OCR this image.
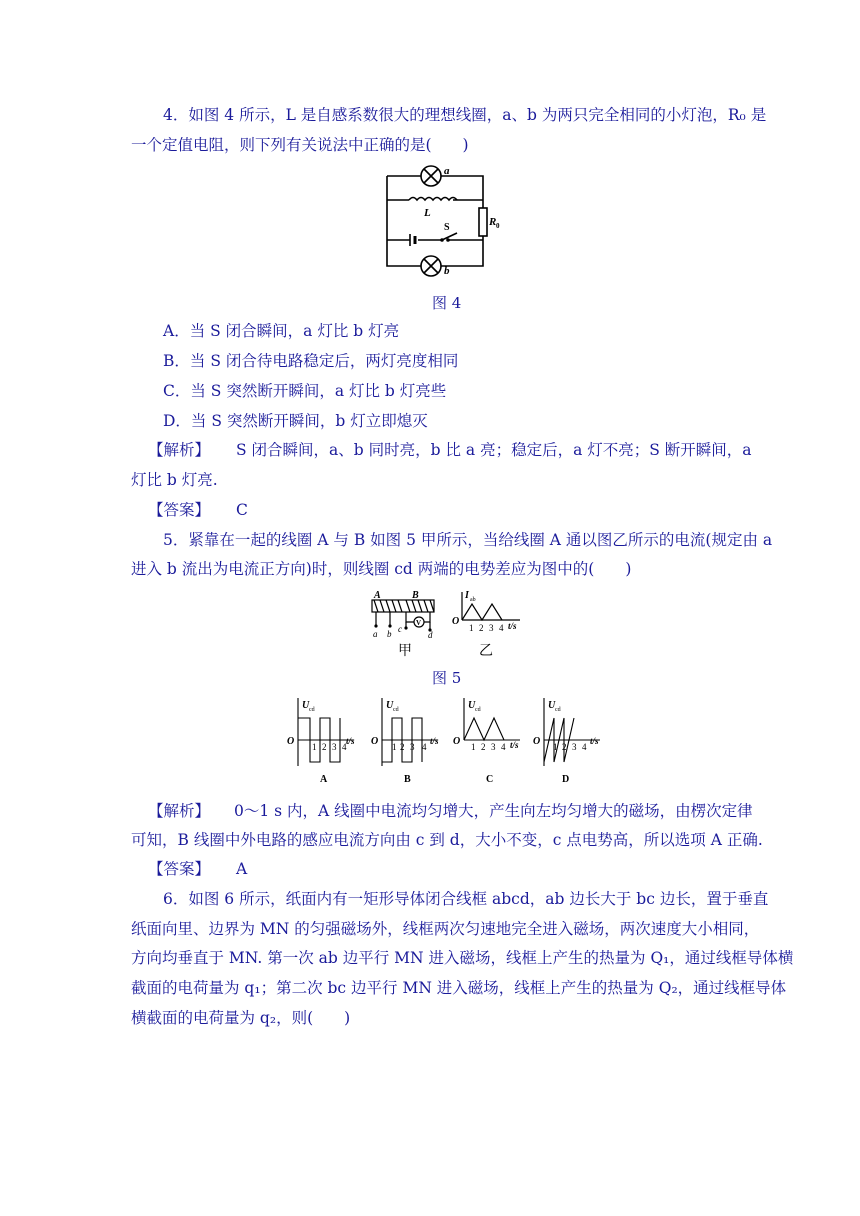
4．如图 4 所示，L 是自感系数很大的理想线圈，a、b 为两只完全相同的小灯泡，R₀ 是
一个定值电阻，则下列有关说法中正确的是(　　)
a
b
L
S	R 0
图 4
A．当 S 闭合瞬间，a 灯比 b 灯亮
B．当 S 闭合待电路稳定后，两灯亮度相同
C．当 S 突然断开瞬间，a 灯比 b 灯亮些
D．当 S 突然断开瞬间，b 灯立即熄灭
【解析】 S 闭合瞬间，a、b 同时亮，b 比 a 亮；稳定后，a 灯不亮；S 断开瞬间，a
灯比 b 灯亮.
【答案】 C
5．紧靠在一起的线圈 A 与 B 如图 5 甲所示，当给线圈 A 通以图乙所示的电流(规定由 a
进入 b 流出为电流正方向)时，则线圈 cd 两端的电势差应为图中的(　　)
A	B
V
a b c
d
I ab
O
1 2 3 4 t/s
甲	乙
图 5
U cd
O 1 2 3 4
t/s
A
U cd
O 1 2 3 4
t/s
B
U cd
O 1 2 3 4 t/s
C
U cd
O 1 2 3 4
t/s
D
【解析】 0～1 s 内，A 线圈中电流均匀增大，产生向左均匀增大的磁场，由楞次定律
可知，B 线圈中外电路的感应电流方向由 c 到 d，大小不变，c 点电势高，所以选项 A 正确.
【答案】 A
6．如图 6 所示，纸面内有一矩形导体闭合线框 abcd，ab 边长大于 bc 边长，置于垂直
纸面向里、边界为 MN 的匀强磁场外，线框两次匀速地完全进入磁场，两次速度大小相同，
方向均垂直于 MN. 第一次 ab 边平行 MN 进入磁场，线框上产生的热量为 Q₁，通过线框导体横
截面的电荷量为 q₁；第二次 bc 边平行 MN 进入磁场，线框上产生的热量为 Q₂，通过线框导体
横截面的电荷量为 q₂，则(　　)
